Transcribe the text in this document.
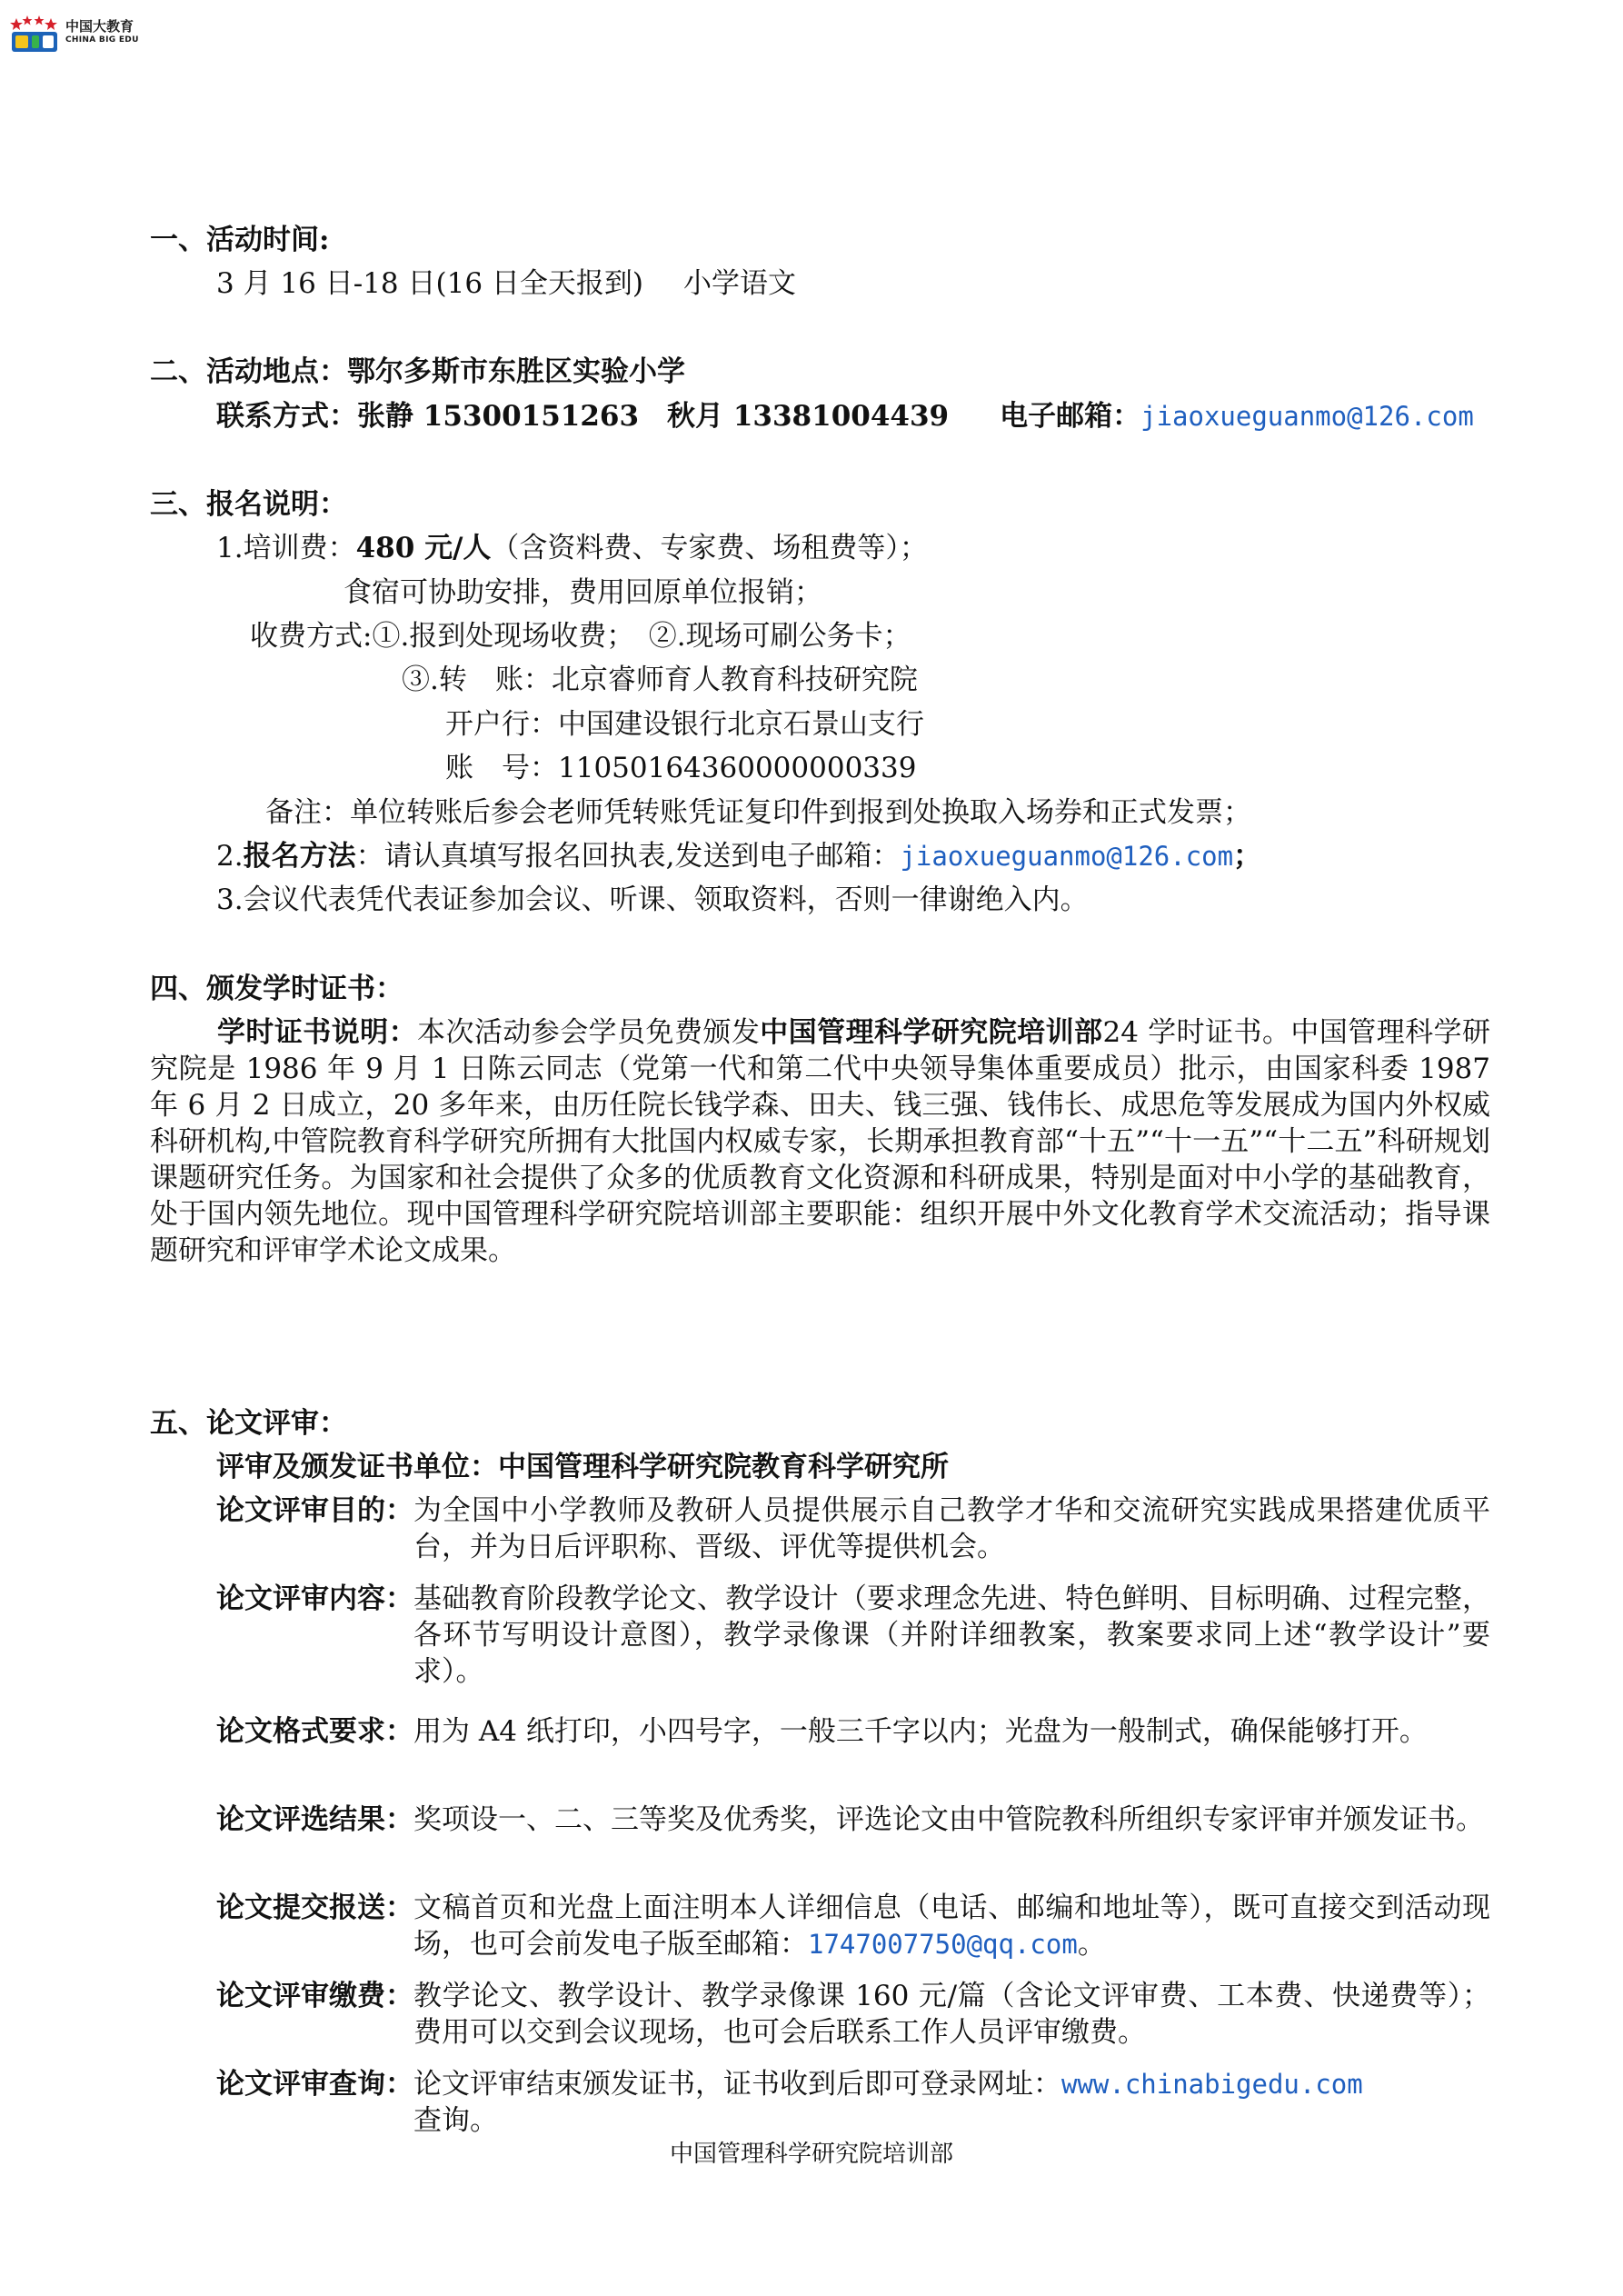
中国大教育
CHINA BIG EDU
一、活动时间:
3 月 16 日-18 日(16 日全天报到) 小学语文
二、活动地点：鄂尔多斯市东胜区实验小学
联系方式：张静 15300151263　秋月 13381004439 电子邮箱：jiaoxueguanmo@126.com
三、报名说明：
1.培训费：480 元/人（含资料费、专家费、场租费等）；
食宿可协助安排，费用回原单位报销；
收费方式:①.报到处现场收费；　②.现场可刷公务卡；
③.转　账：北京睿师育人教育科技研究院
开户行：中国建设银行北京石景山支行
账　号：11050164360000000339
备注：单位转账后参会老师凭转账凭证复印件到报到处换取入场券和正式发票；
2.报名方法：请认真填写报名回执表,发送到电子邮箱：jiaoxueguanmo@126.com；
3.会议代表凭代表证参加会议、听课、领取资料，否则一律谢绝入内。
四、颁发学时证书：
学时证书说明：本次活动参会学员免费颁发中国管理科学研究院培训部24 学时证书。中国管理科学研究院是 1986 年 9 月 1 日陈云同志（党第一代和第二代中央领导集体重要成员）批示，由国家科委 1987 年 6 月 2 日成立，20 多年来，由历任院长钱学森、田夫、钱三强、钱伟长、成思危等发展成为国内外权威科研机构,中管院教育科学研究所拥有大批国内权威专家，长期承担教育部“十五”“十一五”“十二五”科研规划课题研究任务。为国家和社会提供了众多的优质教育文化资源和科研成果，特别是面对中小学的基础教育，处于国内领先地位。现中国管理科学研究院培训部主要职能：组织开展中外文化教育学术交流活动；指导课题研究和评审学术论文成果。
五、论文评审：
评审及颁发证书单位：中国管理科学研究院教育科学研究所
论文评审目的： 为全国中小学教师及教研人员提供展示自己教学才华和交流研究实践成果搭建优质平台，并为日后评职称、晋级、评优等提供机会。
论文评审内容： 基础教育阶段教学论文、教学设计（要求理念先进、特色鲜明、目标明确、过程完整，各环节写明设计意图），教学录像课（并附详细教案，教案要求同上述“教学设计”要求）。
论文格式要求： 用为 A4 纸打印，小四号字，一般三千字以内；光盘为一般制式，确保能够打开。
论文评选结果： 奖项设一、二、三等奖及优秀奖，评选论文由中管院教科所组织专家评审并颁发证书。
论文提交报送： 文稿首页和光盘上面注明本人详细信息（电话、邮编和地址等），既可直接交到活动现场，也可会前发电子版至邮箱：1747007750@qq.com。
论文评审缴费： 教学论文、教学设计、教学录像课 160 元/篇（含论文评审费、工本费、快递费等）；费用可以交到会议现场，也可会后联系工作人员评审缴费。
论文评审查询： 论文评审结束颁发证书，证书收到后即可登录网址：www.chinabigedu.com
查询。
中国管理科学研究院培训部
